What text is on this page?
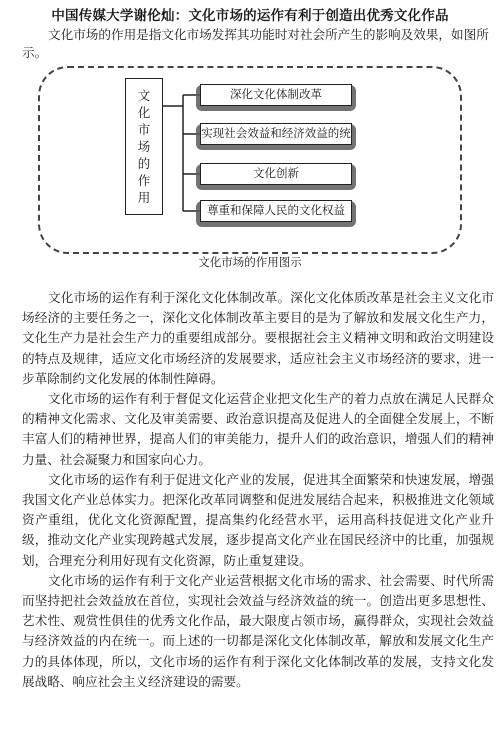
中国传媒大学谢伦灿：文化市场的运作有利于创造出优秀文化作品
文化市场的作用是指文化市场发挥其功能时对社会所产生的影响及效果，如图所示。
文化市场的作用
深化文化体制改革
实现社会效益和经济效益的统
文化创新
尊重和保障人民的文化权益
文化市场的作用图示

文化市场的运作有利于深化文化体制改革。深化文化体质改革是社会主义文化市场经济的主要任务之一，深化文化体制改革主要目的是为了解放和发展文化生产力，文化生产力是社会生产力的重要组成部分。要根据社会主义精神文明和政治文明建设的特点及规律，适应文化市场经济的发展要求，适应社会主义市场经济的要求，进一步革除制约文化发展的体制性障碍。

文化市场的运作有利于督促文化运营企业把文化生产的着力点放在满足人民群众的精神文化需求、文化及审美需要、政治意识提高及促进人的全面健全发展上，不断丰富人们的精神世界，提高人们的审美能力，提升人们的政治意识，增强人们的精神力量、社会凝聚力和国家向心力。

文化市场的运作有利于促进文化产业的发展，促进其全面繁荣和快速发展，增强我国文化产业总体实力。把深化改革同调整和促进发展结合起来，积极推进文化领域资产重组，优化文化资源配置，提高集约化经营水平，运用高科技促进文化产业升级，推动文化产业实现跨越式发展，逐步提高文化产业在国民经济中的比重，加强规划，合理充分利用好现有文化资源，防止重复建设。

文化市场的运作有利于文化产业运营根据文化市场的需求、社会需要、时代所需而坚持把社会效益放在首位，实现社会效益与经济效益的统一。创造出更多思想性、艺术性、观赏性俱佳的优秀文化作品，最大限度占领市场，赢得群众，实现社会效益与经济效益的内在统一。而上述的一切都是深化文化体制改革，解放和发展文化生产力的具体体现，所以，文化市场的运作有利于深化文化体制改革的发展，支持文化发展战略、响应社会主义经济建设的需要。
